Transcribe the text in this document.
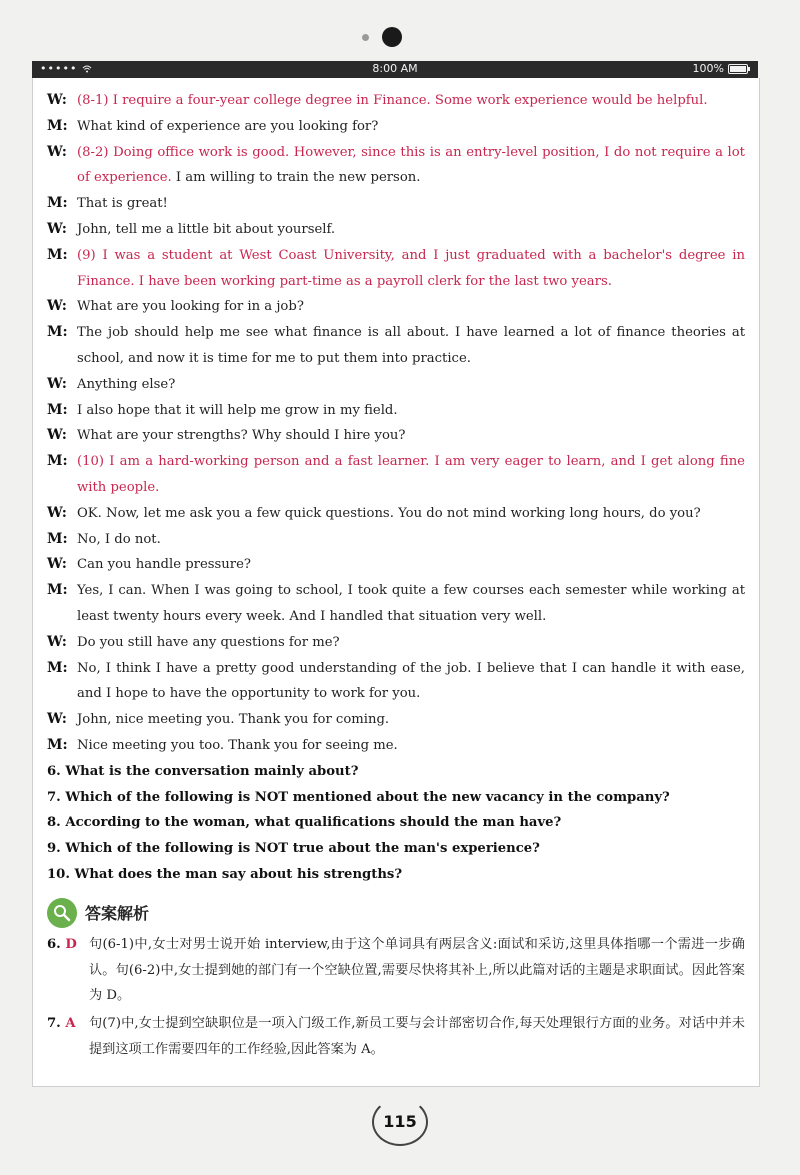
•••••	8:00 AM	100%
W: (8-1) I require a four-year college degree in Finance. Some work experience would be helpful.
M: What kind of experience are you looking for?
W: (8-2) Doing office work is good. However, since this is an entry-level position, I do not require a lot of experience. I am willing to train the new person.
M: That is great!
W: John, tell me a little bit about yourself.
M: (9) I was a student at West Coast University, and I just graduated with a bachelor's degree in Finance. I have been working part-time as a payroll clerk for the last two years.
W: What are you looking for in a job?
M: The job should help me see what finance is all about. I have learned a lot of finance theories at school, and now it is time for me to put them into practice.
W: Anything else?
M: I also hope that it will help me grow in my field.
W: What are your strengths? Why should I hire you?
M: (10) I am a hard-working person and a fast learner. I am very eager to learn, and I get along fine with people.
W: OK. Now, let me ask you a few quick questions. You do not mind working long hours, do you?
M: No, I do not.
W: Can you handle pressure?
M: Yes, I can. When I was going to school, I took quite a few courses each semester while working at least twenty hours every week. And I handled that situation very well.
W: Do you still have any questions for me?
M: No, I think I have a pretty good understanding of the job. I believe that I can handle it with ease, and I hope to have the opportunity to work for you.
W: John, nice meeting you. Thank you for coming.
M: Nice meeting you too. Thank you for seeing me.
6. What is the conversation mainly about?
7. Which of the following is NOT mentioned about the new vacancy in the company?
8. According to the woman, what qualifications should the man have?
9. Which of the following is NOT true about the man's experience?
10. What does the man say about his strengths?
答案解析
6. D 句(6-1)中,女士对男士说开始 interview,由于这个单词具有两层含义:面试和采访,这里具体指哪一个需进一步确认。句(6-2)中,女士提到她的部门有一个空缺位置,需要尽快将其补上,所以此篇对话的主题是求职面试。因此答案为 D。
7. A	句(7)中,女士提到空缺职位是一项入门级工作,新员工要与会计部密切合作,每天处理银行方面的业务。对话中并未提到这项工作需要四年的工作经验,因此答案为 A。
115
